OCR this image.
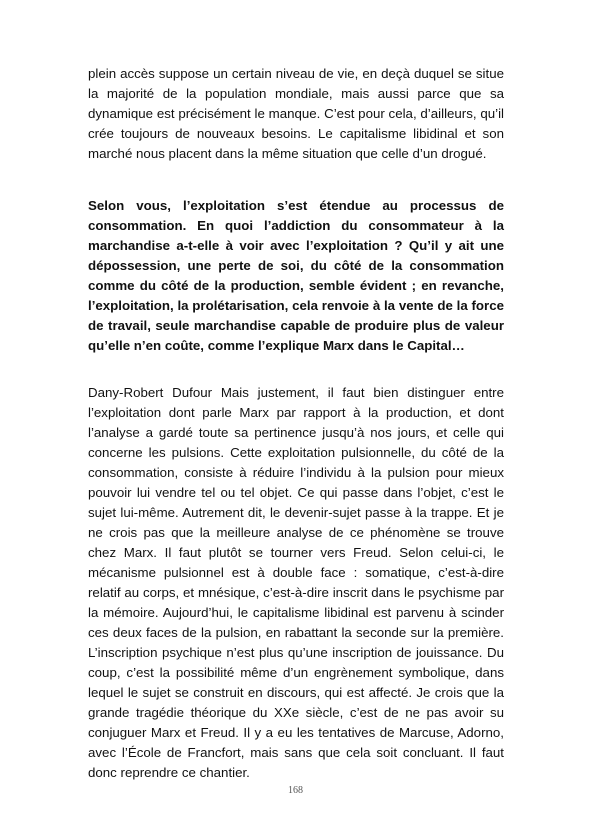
plein accès suppose un certain niveau de vie, en deçà duquel se situe la majorité de la population mondiale, mais aussi parce que sa dynamique est précisément le manque. C’est pour cela, d’ailleurs, qu’il crée toujours de nouveaux besoins. Le capitalisme libidinal et son marché nous placent dans la même situation que celle d’un drogué.

Selon vous, l’exploitation s’est étendue au processus de consommation. En quoi l’addiction du consommateur à la marchandise a-t-elle à voir avec l’exploitation ? Qu’il y ait une dépossession, une perte de soi, du côté de la consommation comme du côté de la production, semble évident ; en revanche, l’exploitation, la prolétarisation, cela renvoie à la vente de la force de travail, seule marchandise capable de produire plus de valeur qu’elle n’en coûte, comme l’explique Marx dans le Capital…

Dany-Robert Dufour Mais justement, il faut bien distinguer entre l’exploitation dont parle Marx par rapport à la production, et dont l’analyse a gardé toute sa pertinence jusqu’à nos jours, et celle qui concerne les pulsions. Cette exploitation pulsionnelle, du côté de la consommation, consiste à réduire l’individu à la pulsion pour mieux pouvoir lui vendre tel ou tel objet. Ce qui passe dans l’objet, c’est le sujet lui-même. Autrement dit, le devenir-sujet passe à la trappe. Et je ne crois pas que la meilleure analyse de ce phénomène se trouve chez Marx. Il faut plutôt se tourner vers Freud. Selon celui-ci, le mécanisme pulsionnel est à double face : somatique, c’est-à-dire relatif au corps, et mnésique, c’est-à-dire inscrit dans le psychisme par la mémoire. Aujourd’hui, le capitalisme libidinal est parvenu à scinder ces deux faces de la pulsion, en rabattant la seconde sur la première. L’inscription psychique n’est plus qu’une inscription de jouissance. Du coup, c’est la possibilité même d’un engrènement symbolique, dans lequel le sujet se construit en discours, qui est affecté. Je crois que la grande tragédie théorique du XXe siècle, c’est de ne pas avoir su conjuguer Marx et Freud. Il y a eu les tentatives de Marcuse, Adorno, avec l’École de Francfort, mais sans que cela soit concluant. Il faut donc reprendre ce chantier.

168
